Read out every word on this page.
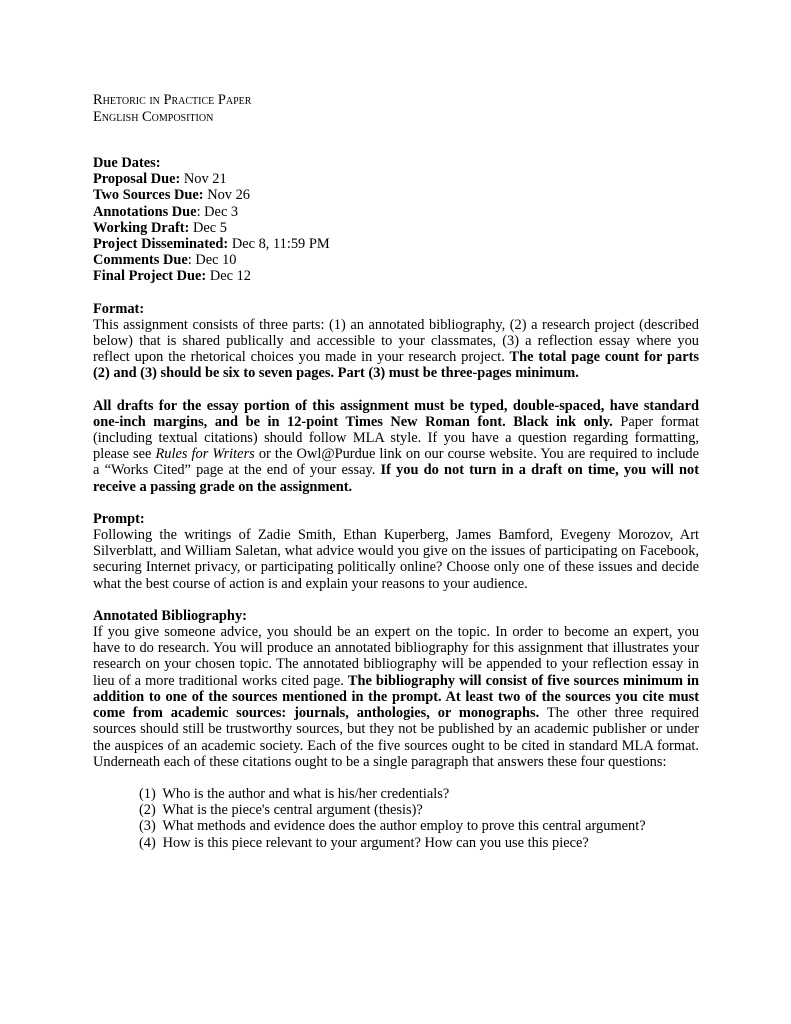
Rhetoric in Practice Paper

English Composition

Due Dates:

Proposal Due: Nov 21

Two Sources Due: Nov 26

Annotations Due: Dec 3

Working Draft: Dec 5

Project Disseminated: Dec 8, 11:59 PM

Comments Due: Dec 10

Final Project Due: Dec 12

Format:

This assignment consists of three parts: (1) an annotated bibliography, (2) a research project (described below) that is shared publically and accessible to your classmates, (3) a reflection essay where you reflect upon the rhetorical choices you made in your research project. The total page count for parts (2) and (3) should be six to seven pages. Part (3) must be three-pages minimum.

All drafts for the essay portion of this assignment must be typed, double-spaced, have standard one-inch margins, and be in 12-point Times New Roman font. Black ink only. Paper format (including textual citations) should follow MLA style. If you have a question regarding formatting, please see Rules for Writers or the Owl@Purdue link on our course website. You are required to include a “Works Cited” page at the end of your essay. If you do not turn in a draft on time, you will not receive a passing grade on the assignment.

Prompt:

Following the writings of Zadie Smith, Ethan Kuperberg, James Bamford, Evegeny Morozov, Art Silverblatt, and William Saletan, what advice would you give on the issues of participating on Facebook, securing Internet privacy, or participating politically online? Choose only one of these issues and decide what the best course of action is and explain your reasons to your audience.

Annotated Bibliography:

If you give someone advice, you should be an expert on the topic. In order to become an expert, you have to do research. You will produce an annotated bibliography for this assignment that illustrates your research on your chosen topic. The annotated bibliography will be appended to your reflection essay in lieu of a more traditional works cited page. The bibliography will consist of five sources minimum in addition to one of the sources mentioned in the prompt. At least two of the sources you cite must come from academic sources: journals, anthologies, or monographs. The other three required sources should still be trustworthy sources, but they not be published by an academic publisher or under the auspices of an academic society. Each of the five sources ought to be cited in standard MLA format. Underneath each of these citations ought to be a single paragraph that answers these four questions:

(1) Who is the author and what is his/her credentials?
(2) What is the piece's central argument (thesis)?
(3) What methods and evidence does the author employ to prove this central argument?
(4) How is this piece relevant to your argument? How can you use this piece?
